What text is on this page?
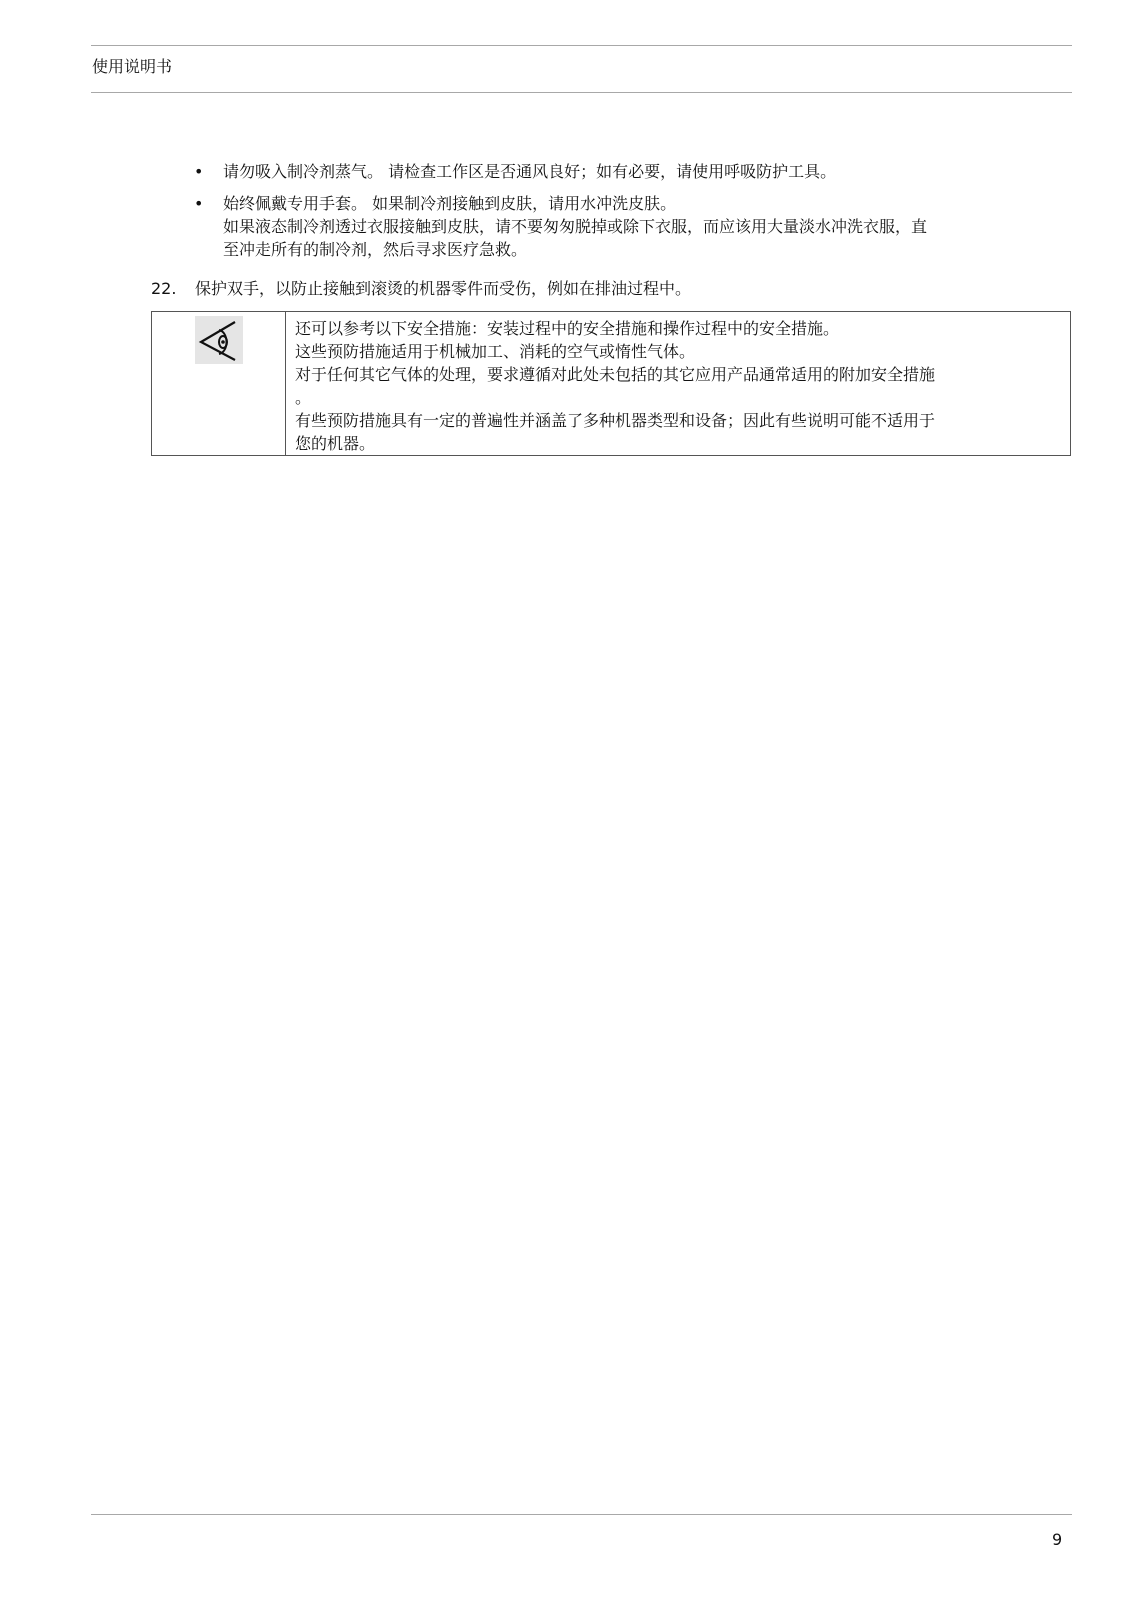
使用说明书
• 请勿吸入制冷剂蒸气。 请检查工作区是否通风良好；如有必要，请使用呼吸防护工具。

• 始终佩戴专用手套。 如果制冷剂接触到皮肤，请用水冲洗皮肤。

如果液态制冷剂透过衣服接触到皮肤，请不要匆匆脱掉或除下衣服，而应该用大量淡水冲洗衣服，直

至冲走所有的制冷剂，然后寻求医疗急救。

22. 保护双手，以防止接触到滚烫的机器零件而受伤，例如在排油过程中。

还可以参考以下安全措施：安装过程中的安全措施和操作过程中的安全措施。

这些预防措施适用于机械加工、消耗的空气或惰性气体。

对于任何其它气体的处理，要求遵循对此处未包括的其它应用产品通常适用的附加安全措施

。

有些预防措施具有一定的普遍性并涵盖了多种机器类型和设备；因此有些说明可能不适用于

您的机器。

9
